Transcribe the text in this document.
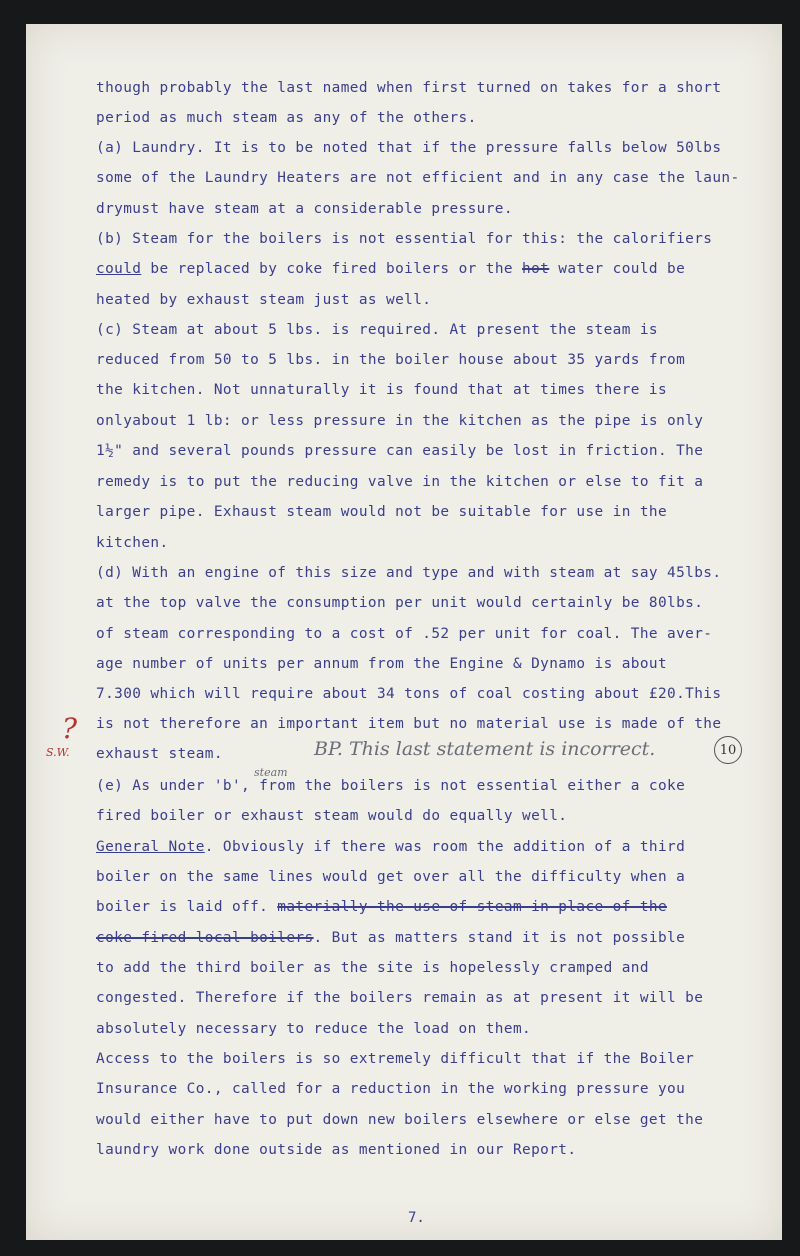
though probably the last named when first turned on takes for a short
period as much steam as any of the others.
(a) Laundry. It is to be noted that if the pressure falls below 50lbs
some of the Laundry Heaters are not efficient and in any case the laun-
drymust have steam at a considerable pressure.
(b) Steam for the boilers is not essential for this: the calorifiers
could be replaced by coke fired boilers or the hot water could be
heated by exhaust steam just as well.
(c) Steam at about 5 lbs. is required. At present the steam is
reduced from 50 to 5 lbs. in the boiler house about 35 yards from
the kitchen. Not unnaturally it is found that at times there is
onlyabout 1 lb: or less pressure in the kitchen as the pipe is only
1½" and several pounds pressure can easily be lost in friction. The
remedy is to put the reducing valve in the kitchen or else to fit a
larger pipe. Exhaust steam would not be suitable for use in the
kitchen.
(d) With an engine of this size and type and with steam at say 45lbs.
at the top valve the consumption per unit would certainly be 80lbs.
of steam corresponding to a cost of .52 per unit for coal. The aver-
age number of units per annum from the Engine & Dynamo is about
7.300 which will require about 34 tons of coal costing about £20.This
is not therefore an important item but no material use is made of the
exhaust steam.	BP. This last statement is incorrect.	10
steam
(e) As under 'b', from the boilers is not essential either a coke
fired boiler or exhaust steam would do equally well.
General Note. Obviously if there was room the addition of a third
boiler on the same lines would get over all the difficulty when a
boiler is laid off. materially the use of steam in place of the
coke fired local boilers. But as matters stand it is not possible
to add the third boiler as the site is hopelessly cramped and
congested. Therefore if the boilers remain as at present it will be
absolutely necessary to reduce the load on them.
Access to the boilers is so extremely difficult that if the Boiler
Insurance Co., called for a reduction in the working pressure you
would either have to put down new boilers elsewhere or else get the
laundry work done outside as mentioned in our Report.
?
S.W.
7.
